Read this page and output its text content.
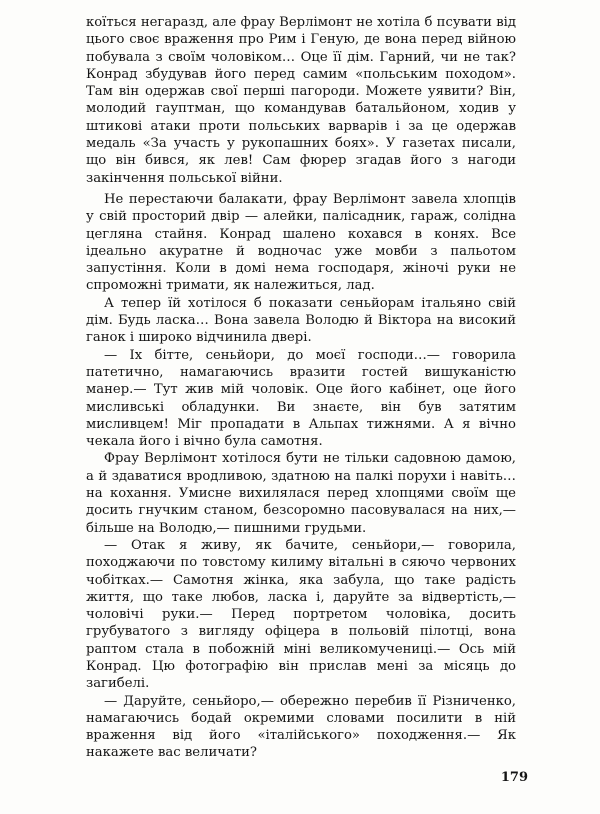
коїться негаразд, але фрау Верлімонт не хотіла б псувати від цього своє враження про Рим і Геную, де вона перед війною побувала з своїм чоловіком… Оце її дім. Гарний, чи не так? Конрад збудував його перед самим «польським походом». Там він одержав свої перші пагороди. Можете уявити? Він, молодий гауптман, що командував батальйоном, ходив у штикові атаки проти польських варварів і за це одержав медаль «За участь у рукопашних боях». У газетах писали, що він бився, як лев! Сам фюрер згадав його з нагоди закінчення польської війни.

Не перестаючи балакати, фрау Верлімонт завела хлопців у свій просторий двір — алейки, палісадник, гараж, солідна цегляна стайня. Конрад шалено кохався в конях. Все ідеально акуратне й водночас уже мовби з пальотом запустіння. Коли в домі нема господаря, жіночі руки не спроможні тримати, як належиться, лад.

А тепер їй хотілося б показати сеньйорам італьяно свій дім. Будь ласка… Вона завела Володю й Віктора на високий ганок і широко відчинила двері.

— Іх бітте, сеньйори, до моєї господи…— говорила патетично, намагаючись вразити гостей вишуканістю манер.— Тут жив мій чоловік. Оце його кабінет, оце його мисливські обладунки. Ви знаєте, він був затятим мисливцем! Міг пропадати в Альпах тижнями. А я вічно чекала його і вічно була самотня.

Фрау Верлімонт хотілося бути не тільки садовною дамою, а й здаватися вродливою, здатною на палкі порухи і навіть… на кохання. Умисне вихилялася перед хлопцями своїм ще досить гнучким станом, безсоромно пасовувалася на них,— більше на Володю,— пишними грудьми.

— Отак я живу, як бачите, сеньйори,— говорила, походжаючи по товстому килиму вітальні в сяючо червоних чобітках.— Самотня жінка, яка забула, що таке радість життя, що таке любов, ласка і, даруйте за відвертість,— чоловічі руки.— Перед портретом чоловіка, досить грубуватого з вигляду офіцера в польовій пілотці, вона раптом стала в побожній міні великомучениці.— Ось мій Конрад. Цю фотографію він прислав мені за місяць до загибелі.

— Даруйте, сеньйоро,— обережно перебив її Різниченко, намагаючись бодай окремими словами посилити в ній враження від його «італійського» походження.— Як накажете вас величати?

179
